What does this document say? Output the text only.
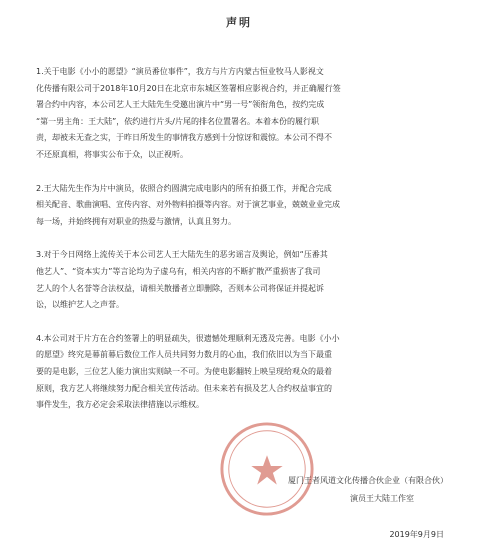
声明

1.关于电影《小小的愿望》“演员番位事件”，我方与片方内蒙古恒业牧马人影视文

化传播有限公司于2018年10月20日在北京市东城区签署相应影视合约，并正确履行签

署合约中内容，本公司艺人王大陆先生受邀出演片中“男一号”领衔角色，按约完成

“第一男主角：王大陆”，依约进行片头/片尾的排名位置署名。本着本份的履行职

责，却被未无查之实，于昨日所发生的事情我方感到十分惊讶和震惊。本公司不得不

不还原真相，将事实公布于众，以正视听。

2.王大陆先生作为片中演员，依照合约圆满完成电影内的所有拍摄工作，并配合完成

相关配音、歌曲演唱、宣传内容、对外物料拍摄等内容。对于演艺事业，兢兢业业完成

每一场，并始终拥有对职业的热爱与激情，认真且努力。

3.对于今日网络上流传关于本公司艺人王大陆先生的恶劣谣言及舆论，例如“压番其

他艺人”、“资本实力”等言论均为子虚乌有，相关内容的不断扩散严重损害了我司

艺人的个人名誉等合法权益，请相关散播者立即删除，否则本公司将保证并提起诉

讼，以维护艺人之声誉。

4.本公司对于片方在合约签署上的明显疏失，很遗憾处理顺利无透及完善。电影《小小

的愿望》终究是幕前幕后数位工作人员共同努力数月的心血，我们依旧以为当下最重

要的是电影，三位艺人能力演出实则缺一不可。为使电影翻转上映呈现给观众的最着

原则，我方艺人将继续努力配合相关宣传活动。但未来若有损及艺人合约权益事宜的

事件发生，我方必定会采取法律措施以示维权。

厦门王者风道文化传播合伙企业（有限合伙）
演员王大陆工作室
2019年9月9日
